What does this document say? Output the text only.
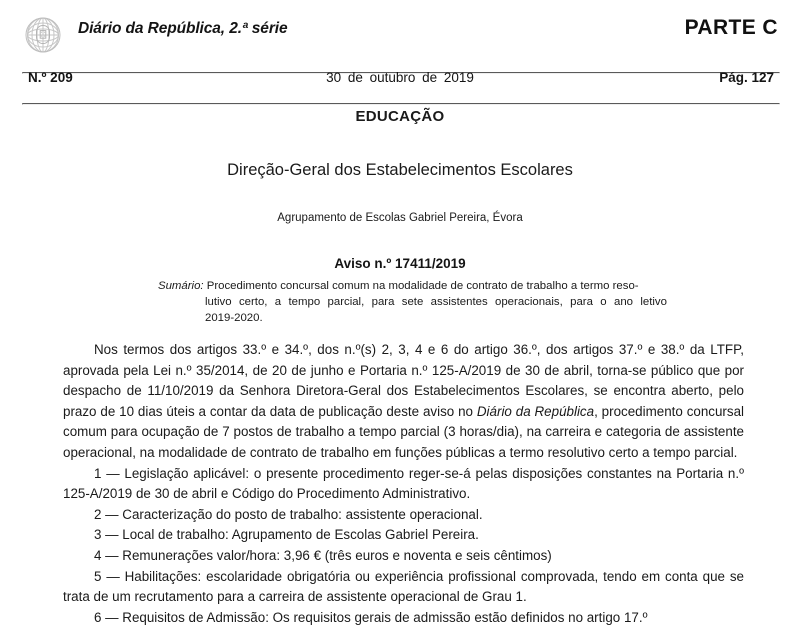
Diário da República, 2.ª série	PARTE C
N.º 209	30 de outubro de 2019	Pág. 127
EDUCAÇÃO
Direção-Geral dos Estabelecimentos Escolares
Agrupamento de Escolas Gabriel Pereira, Évora
Aviso n.º 17411/2019
Sumário: Procedimento concursal comum na modalidade de contrato de trabalho a termo reso-
lutivo certo, a tempo parcial, para sete assistentes operacionais, para o ano letivo
2019-2020.

Nos termos dos artigos 33.º e 34.º, dos n.º(s) 2, 3, 4 e 6 do artigo 36.º, dos artigos 37.º e 38.º da LTFP, aprovada pela Lei n.º 35/2014, de 20 de junho e Portaria n.º 125-A/2019 de 30 de abril, torna-se público que por despacho de 11/10/2019 da Senhora Diretora-Geral dos Estabelecimentos Escolares, se encontra aberto, pelo prazo de 10 dias úteis a contar da data de publicação deste aviso no Diário da República, procedimento concursal comum para ocupação de 7 postos de trabalho a tempo parcial (3 horas/dia), na carreira e categoria de assistente operacional, na modalidade de contrato de trabalho em funções públicas a termo resolutivo certo a tempo parcial.

1 — Legislação aplicável: o presente procedimento reger-se-á pelas disposições constantes na Portaria n.º 125-A/2019 de 30 de abril e Código do Procedimento Administrativo.

2 — Caracterização do posto de trabalho: assistente operacional.

3 — Local de trabalho: Agrupamento de Escolas Gabriel Pereira.

4 — Remunerações valor/hora: 3,96 € (três euros e noventa e seis cêntimos)

5 — Habilitações: escolaridade obrigatória ou experiência profissional comprovada, tendo em conta que se trata de um recrutamento para a carreira de assistente operacional de Grau 1.

6 — Requisitos de Admissão: Os requisitos gerais de admissão estão definidos no artigo 17.º
